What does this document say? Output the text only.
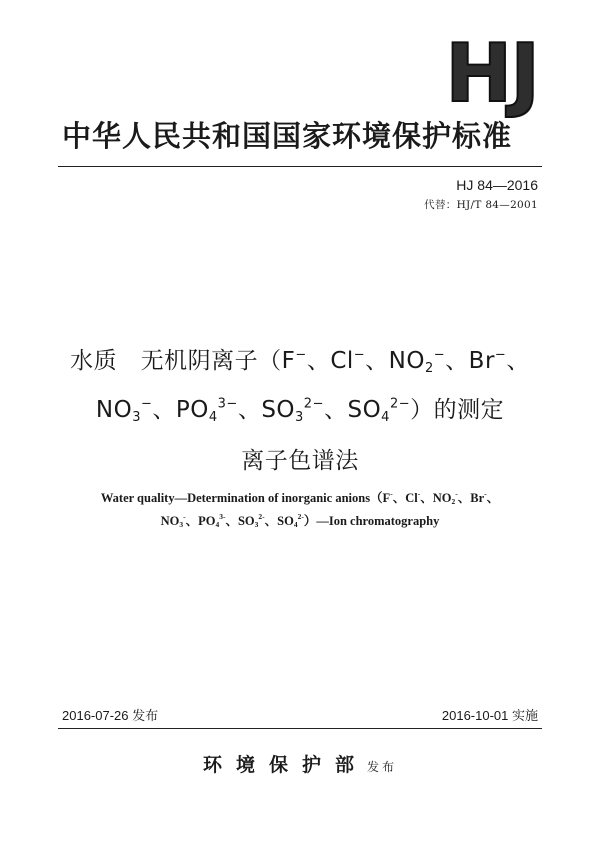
HJ
中华人民共和国国家环境保护标准
HJ 84—2016
代替：HJ/T 84—2001
水质　无机阴离子（F−、Cl−、$NO_2^-$、Br−、
$NO_3^-$、$PO_4^{3-}$、$SO_3^{2-}$、$SO_4^{2-}$）的测定
离子色谱法
Water quality—Determination of inorganic anions（F-、Cl-、$NO_2^-$、Br-、
$NO_3^-$、$PO_4^{3-}$、$SO_3^{2-}$、$SO_4^{2-})—Ion$ chromatography
2016-07-26 发布	2016-10-01 实施
环境保护部 发布
